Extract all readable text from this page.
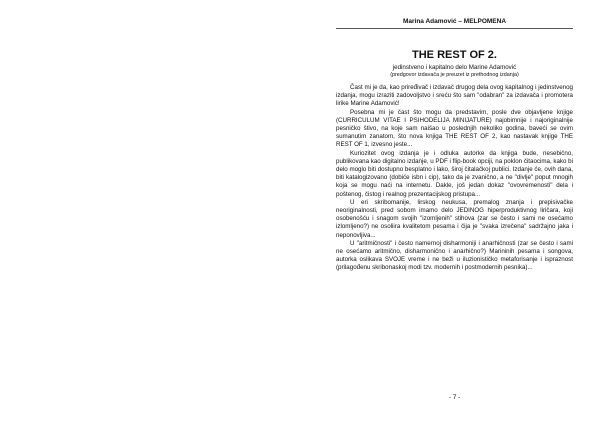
Marina Adamović – MELPOMENA
THE REST OF 2.
jedinstveno i kapitalno delo Marine Adamović
(predgovor izdavača je preuzet iz prethodnog izdanja)

Čast mi je da, kao priređivač i izdavač drugog dela ovog kapitalnog i jedinstvenog izdanja, mogu izraziti zadovoljstvo i sreću što sam "odabran" za izdavača i promotera lirike Marine Adamović!

Posebna mi je čast što mogu da predstavim, posle dve objavljene knjige (CURRICULUM VITAE I PSIHODELIJA MINIJATURE) najobimnije i najoriginalnije pesničko štivo, na koje sam naišao u poslednjih nekoliko godina, baveći se ovim sumanutim zanatom, što nova knjiga THE REST OF 2, kao nastavak knjige THE REST OF 1, izvesno jeste...

Kuriozitet ovog izdanja je i odluka autorke da knjiga bude, nesebično, publikovana kao digitalno izdanje, u PDF i flip-book opciji, na poklon čitaocima, kako bi delo moglo biti dostupno besplatno i lako, široj čitalačkoj publici. Izdanje će, ovih dana, biti katalogizovano (dobiće isbn i cip), tako da je zvanično, a ne "divlje" poput mnogih koja se mogu naći na internetu. Dakle, još jedan dokaz "ovovremenosti" dela i poštenog, čistog i realnog prezentacijskog pristupa...

U eri skribomanije, lirskog neukusa, premalog znanja i prepisivačke neoriginalnosti, pred sobom imamo delo JEDINOG hiperproduktivnog liričara, koji osobenošću i snagom svojih "izomljenih" stihova (zar se često i sami ne osećamo izlomljeno?) ne osoliira kvalitetom pesama i čija je "svaka izrečena" sadržajno jaka i neponovljiva...

U "aritmičnosti" i često namernoj disharmoniji i anarhičnosti (zar se često i sami ne osećamo aritmično, disharmonično i anarhično?) Marininih pesama i songova, autorka oslikava SVOJE vreme i ne beži u iluzionističko metaforisanje i ispraznost (prilagođenu skribonaskoj modi tzv. modernih i postmodernih pesnika)...

- 7 -
